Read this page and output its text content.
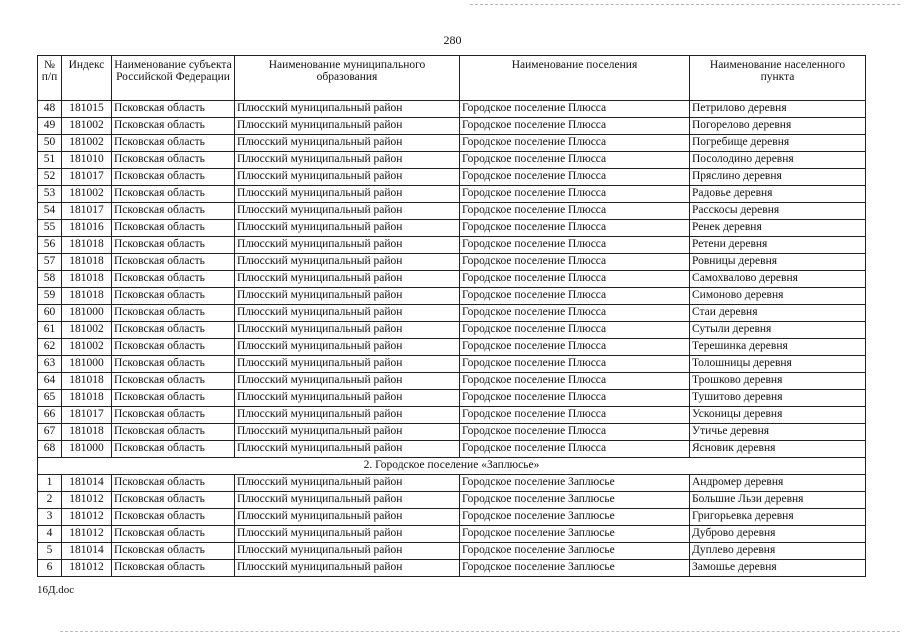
280
№ п/п	Индекс	Наименование субъекта Российской Федерации	Наименование муниципального образования	Наименование поселения	Наименование населенного пункта
48	181015	Псковская область	Плюсский муниципальный район	Городское поселение Плюсса	Петрилово деревня
49	181002	Псковская область	Плюсский муниципальный район	Городское поселение Плюсса	Погорелово деревня
50	181002	Псковская область	Плюсский муниципальный район	Городское поселение Плюсса	Погребище деревня
51	181010	Псковская область	Плюсский муниципальный район	Городское поселение Плюсса	Посолодино деревня
52	181017	Псковская область	Плюсский муниципальный район	Городское поселение Плюсса	Пряслино деревня
53	181002	Псковская область	Плюсский муниципальный район	Городское поселение Плюсса	Радовье деревня
54	181017	Псковская область	Плюсский муниципальный район	Городское поселение Плюсса	Расскосы деревня
55	181016	Псковская область	Плюсский муниципальный район	Городское поселение Плюсса	Ренек деревня
56	181018	Псковская область	Плюсский муниципальный район	Городское поселение Плюсса	Ретени деревня
57	181018	Псковская область	Плюсский муниципальный район	Городское поселение Плюсса	Ровницы деревня
58	181018	Псковская область	Плюсский муниципальный район	Городское поселение Плюсса	Самохвалово деревня
59	181018	Псковская область	Плюсский муниципальный район	Городское поселение Плюсса	Симоново деревня
60	181000	Псковская область	Плюсский муниципальный район	Городское поселение Плюсса	Стаи деревня
61	181002	Псковская область	Плюсский муниципальный район	Городское поселение Плюсса	Сутыли деревня
62	181002	Псковская область	Плюсский муниципальный район	Городское поселение Плюсса	Терешинка деревня
63	181000	Псковская область	Плюсский муниципальный район	Городское поселение Плюсса	Толошницы деревня
64	181018	Псковская область	Плюсский муниципальный район	Городское поселение Плюсса	Трошково деревня
65	181018	Псковская область	Плюсский муниципальный район	Городское поселение Плюсса	Тушитово деревня
66	181017	Псковская область	Плюсский муниципальный район	Городское поселение Плюсса	Усконицы деревня
67	181018	Псковская область	Плюсский муниципальный район	Городское поселение Плюсса	Утичье деревня
68	181000	Псковская область	Плюсский муниципальный район	Городское поселение Плюсса	Ясновик деревня
2. Городское поселение «Заплюсье»					
1	181014	Псковская область	Плюсский муниципальный район	Городское поселение Заплюсье	Андромер деревня
2	181012	Псковская область	Плюсский муниципальный район	Городское поселение Заплюсье	Большие Льзи деревня
3	181012	Псковская область	Плюсский муниципальный район	Городское поселение Заплюсье	Григорьевка деревня
4	181012	Псковская область	Плюсский муниципальный район	Городское поселение Заплюсье	Дуброво деревня
5	181014	Псковская область	Плюсский муниципальный район	Городское поселение Заплюсье	Дуплево деревня
6	181012	Псковская область	Плюсский муниципальный район	Городское поселение Заплюсье	Замошье деревня
16Д.doc
